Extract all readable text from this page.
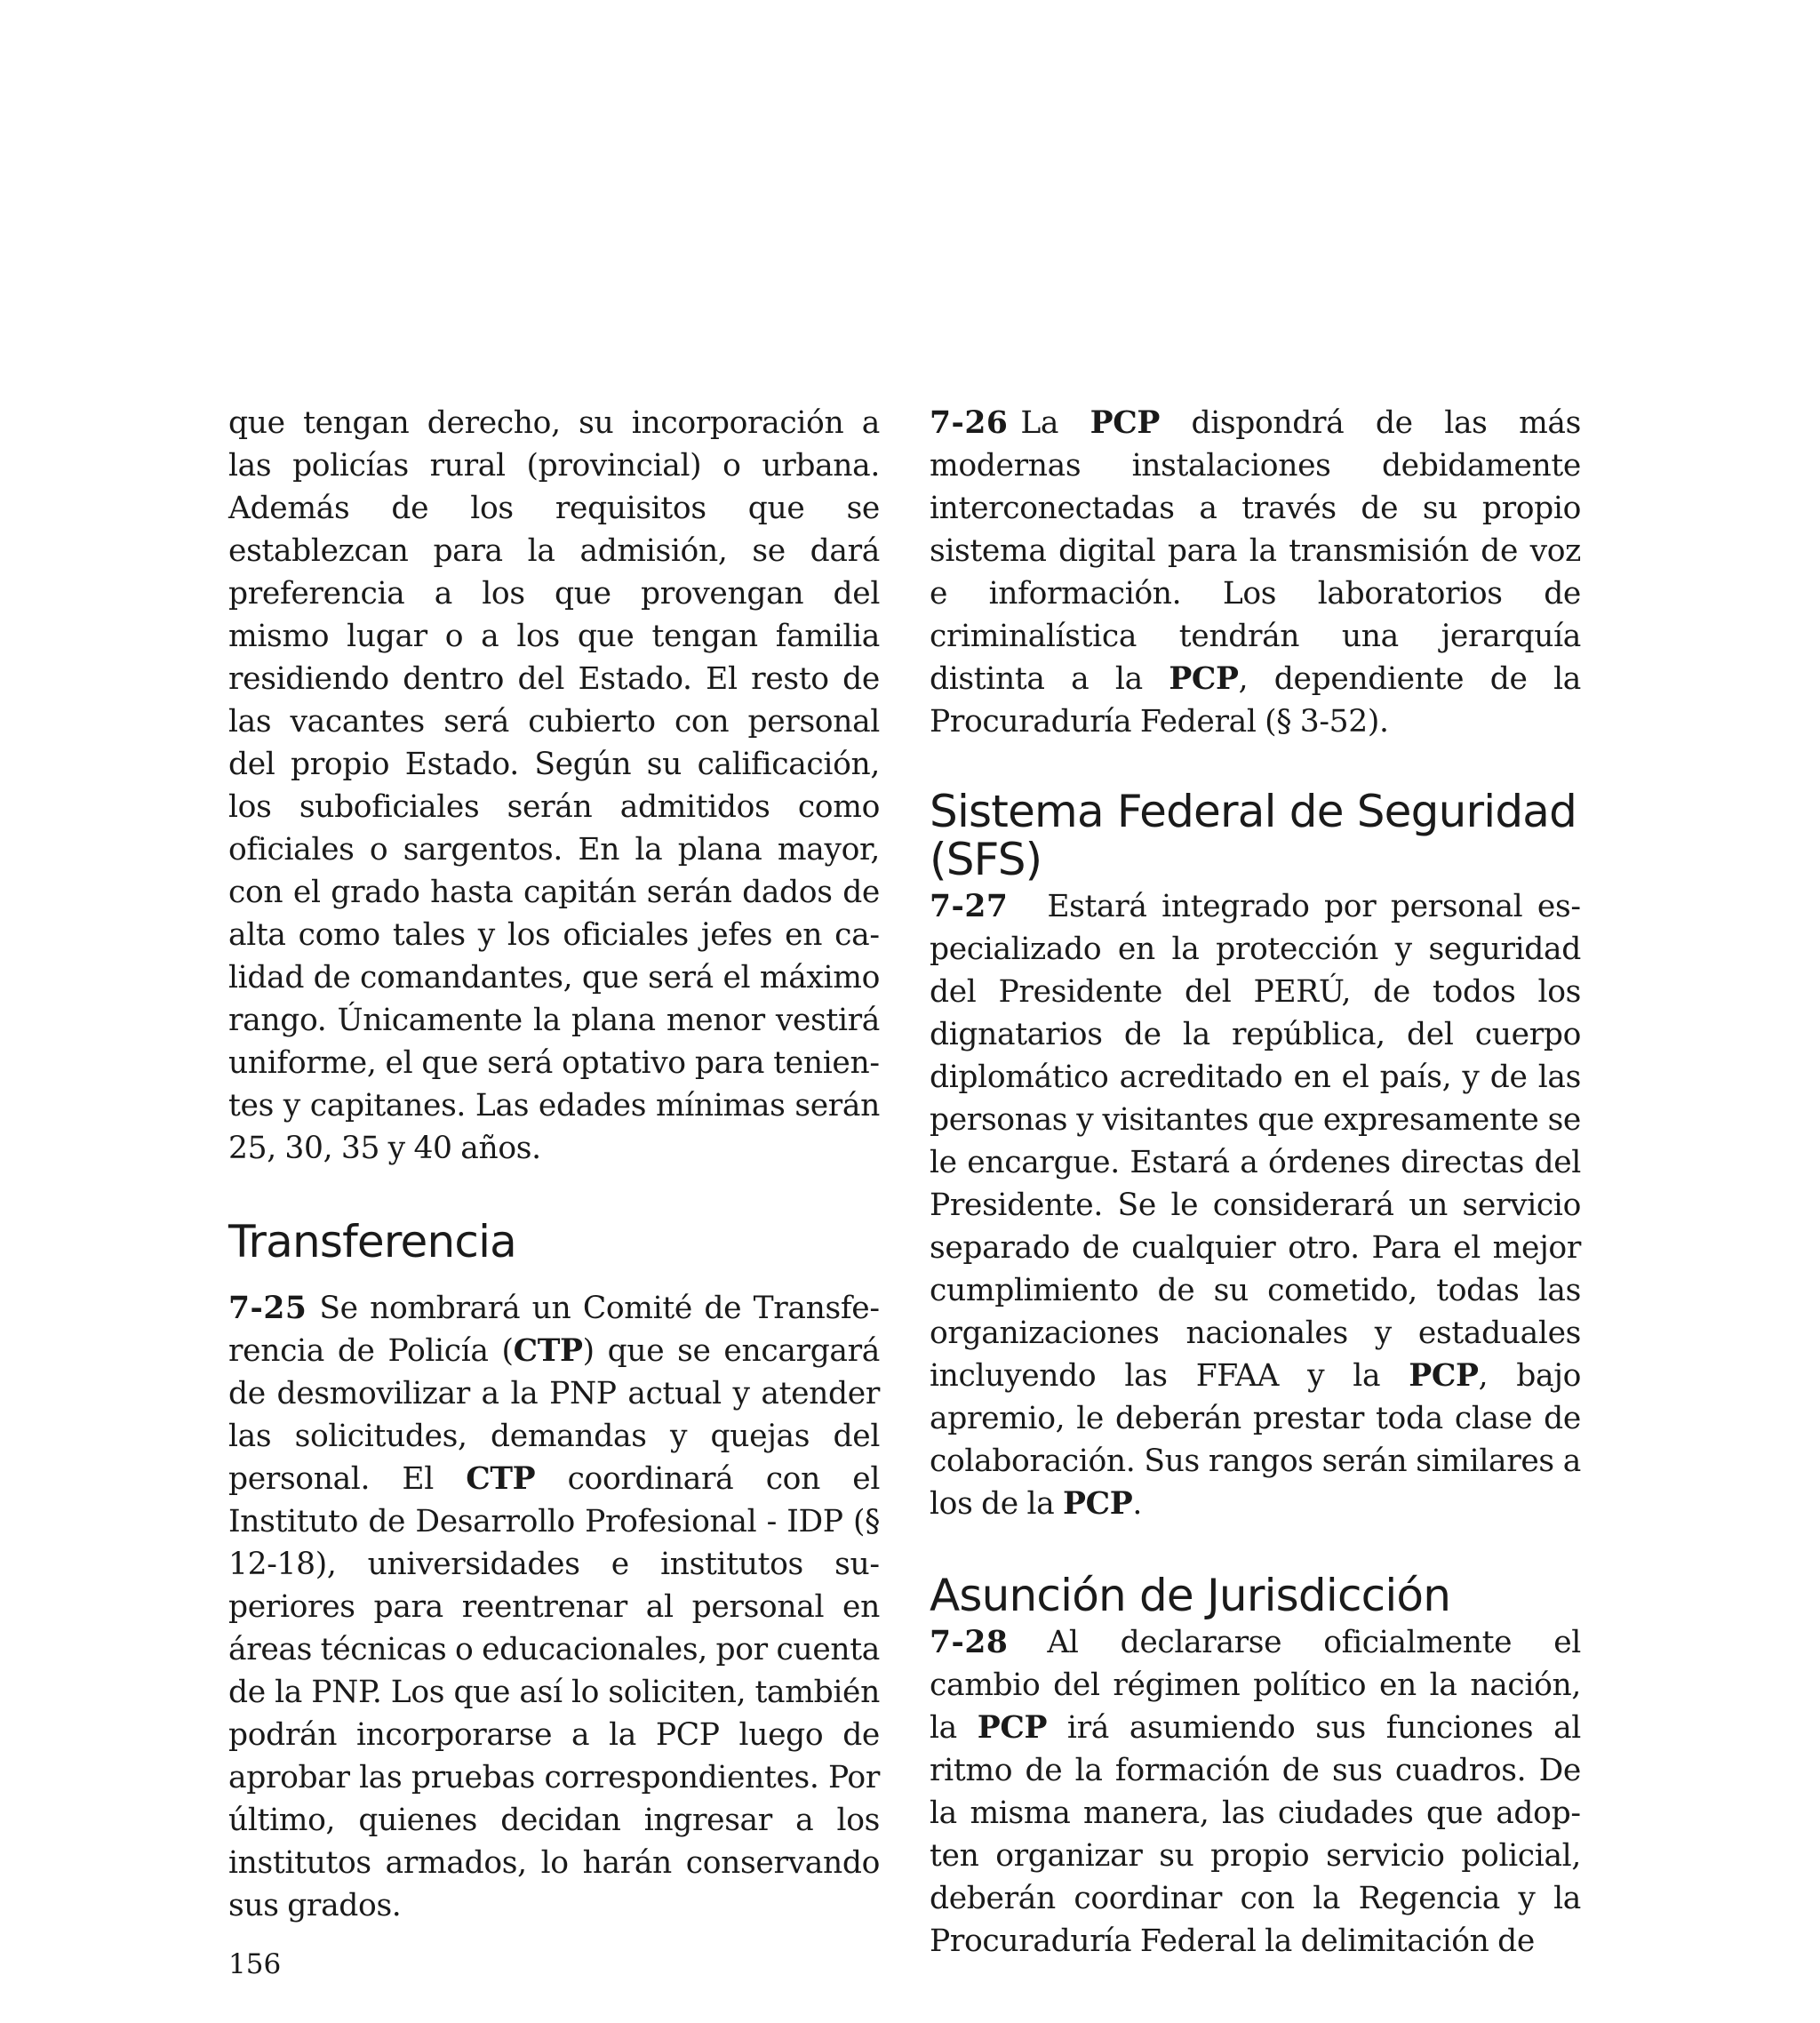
que tengan derecho, su incorporación a las policías rural (provincial) o urbana. Además de los requisitos que se establezcan para la admisión, se dará preferencia a los que provengan del mismo lugar o a los que tengan familia residiendo dentro del Estado. El resto de las vacantes será cubierto con personal del propio Estado. Según su calificación, los suboficiales serán admitidos como oficiales o sargentos. En la plana mayor, con el grado hasta capitán serán dados de alta como tales y los oficiales jefes en calidad de comandantes, que será el máximo rango. Únicamente la plana menor vestirá uniforme, el que será optativo para tenientes y capitanes. Las edades mínimas serán 25, 30, 35 y 40 años.

Transferencia

7-25 Se nombrará un Comité de Transferencia de Policía (CTP) que se encargará de desmovilizar a la PNP actual y atender las solicitudes, demandas y quejas del personal. El CTP coordinará con el Instituto de Desarrollo Profesional - IDP (§ 12-18), universidades e institutos superiores para reentrenar al personal en áreas técnicas o educacionales, por cuenta de la PNP. Los que así lo soliciten, también podrán incorporarse a la PCP luego de aprobar las pruebas correspondientes. Por último, quienes decidan ingresar a los institutos armados, lo harán conservando sus grados.

7-26 La PCP dispondrá de las más modernas instalaciones debidamente interconectadas a través de su propio sistema digital para la transmisión de voz e información. Los laboratorios de criminalística tendrán una jerarquía distinta a la PCP, dependiente de la Procuraduría Federal (§ 3-52).

Sistema Federal de Seguridad (SFS)

7-27 Estará integrado por personal especializado en la protección y seguridad del Presidente del PERÚ, de todos los dignatarios de la república, del cuerpo diplomático acreditado en el país, y de las personas y visitantes que expresamente se le encargue. Estará a órdenes directas del Presidente. Se le considerará un servicio separado de cualquier otro. Para el mejor cumplimiento de su cometido, todas las organizaciones nacionales y estaduales incluyendo las FFAA y la PCP, bajo apremio, le deberán prestar toda clase de colaboración. Sus rangos serán similares a los de la PCP.

Asunción de Jurisdicción

7-28 Al declararse oficialmente el cambio del régimen político en la nación, la PCP irá asumiendo sus funciones al ritmo de la formación de sus cuadros. De la misma manera, las ciudades que adopten organizar su propio servicio policial, deberán coordinar con la Regencia y la Procuraduría Federal la delimitación de

156
